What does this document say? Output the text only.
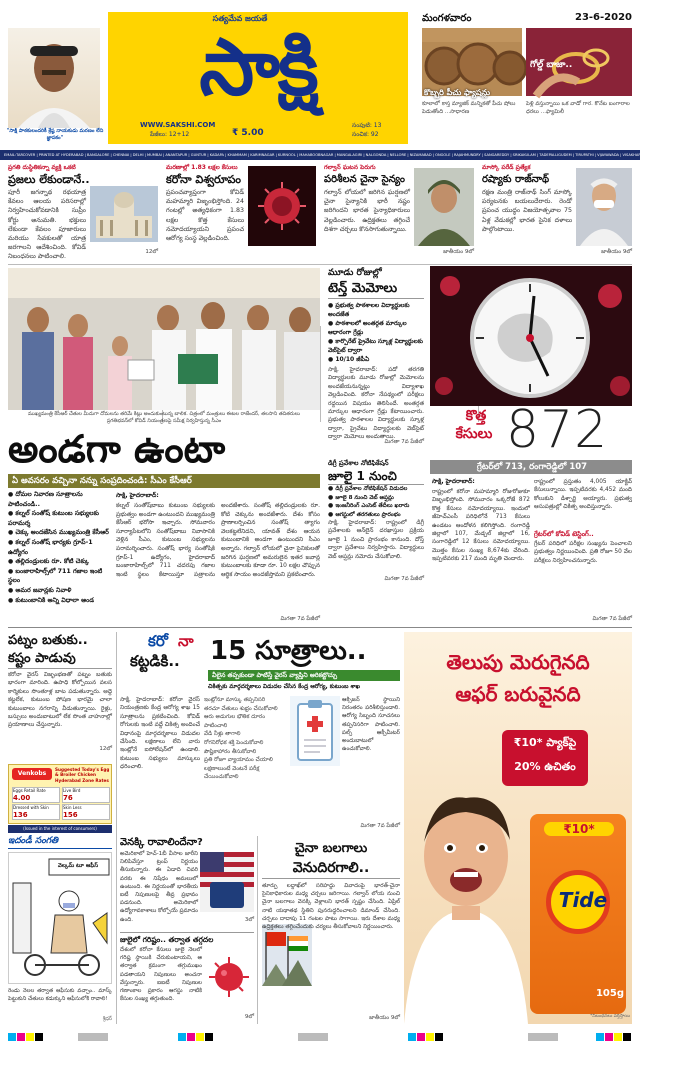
"సాక్షి పాఠకులందరికీ శ్రేష్ఠ నాయకుడు మరణం లేని జ్ఞాపకం"
సత్యమేవ జయతే
సాక్షి
WWW.SAKSHI.COM
పేజీలు: 12+12	₹ 5.00
సంపుటి: 13
సంచిక: 92
మంగళవారం	23-6-2020
కొబ్బరి పీచు ఫ్యాషన్లు
గోల్డ్ బాజా..
కూలాలో కాస్త మ్యాజిక్ మన్నికతో పీచు షోలు పెడుతోంది ...సాధారణ
పెళ్లి వస్తున్నాయి ఒక వాడో గార. కొనేట బంగారాల ధరలు ...ఫ్యామిలీ
EMAIL:TARCOVER | PRINTED AT HYDERABAD | BANGALORE | CHENNAI | DELHI | MUMBAI | ANANTAPUR | GUNTUR | KADAPA | KHAMMAM | KARIMNAGAR | KURNOOL | MAHABOOBNAGAR | MANGALAGIRI | NALGONDA | NELLORE | NIZAMABAD | ONGOLE | RAJAHMUNDRY | SANGAREDDY | SRIKAKULAM | TADEPALLIGUDEM | TIRUPATHI | VIJAYAWADA | VISAKHAPATNAM | WARANGAL
ప్రగతి దుస్థితికన్నా వ్యక్తి ఒకటి
ప్రజలు లేకుండానే..
పూరీ జగన్నాథ రథయాత్ర కేవలం ఆలయ పరిసరాల్లో నిర్వహించుకోవడానికి సుప్రీం కోర్టు అనుమతి. భక్తులు లేకుండా కేవలం పూజారులు మరియు సేవకులతో యాత్ర జరగాలని ఆదేశించింది. కోవిడ్ నిబంధనలు పాటించాలి.
12లో
మరణాల్లో 1.83 లక్షల కేసులు
కరోనా విశ్వరూపం
ప్రపంచవ్యాప్తంగా కోవిడ్ మహమ్మారి విజృంభిస్తోంది. 24 గంటల్లో అత్యధికంగా 1.83 లక్షల కొత్త కేసులు నమోదయ్యాయని ప్రపంచ ఆరోగ్య సంస్థ వెల్లడించింది.
విదేశాలు 9లో
గల్వాన్ ఘటన పెరుగు
పరిశీలన చైనా సైన్యం
గల్వాన్ లోయలో జరిగిన ఘర్షణలో చైనా సైన్యానికి భారీ నష్టం జరిగిందని భారత సైన్యాధికారులు వెల్లడించారు. ఉద్రిక్తతలు తగ్గించే దిశగా చర్చలు కొనసాగుతున్నాయి.
జాతీయం 9లో
మాస్కో పరేడ్ ప్రత్యేక
రష్యాకు రాజ్‌నాథ్
రక్షణ మంత్రి రాజ్‌నాథ్ సింగ్ మాస్కో పర్యటనకు బయలుదేరారు. రెండో ప్రపంచ యుద్ధం విజయోత్సవాల 75 ఏళ్ల వేడుకల్లో భారత సైనిక దళాలు పాల్గొంటాయి.
జాతీయం 9లో
ముఖ్యమంత్రి కేసీఆర్ చేతుల మీదుగా దోమలను తరిమే కిట్లు అందుకుంటున్న బాలిక. చిత్రంలో మంత్రులు ఈటల రాజేందర్, తలసాని తదితరులు
ప్రగతిభవన్‌లో కోవిడ్ నియంత్రణపై సమీక్ష నిర్వహిస్తున్న సీఎం
మూడు రోజుల్లో
టెన్త్ మెమోలు
● ప్రభుత్వ పాఠశాలల విద్యార్థులకు అందజేత
● పాఠశాలలో అంతర్గత మార్కుల ఆధారంగా గ్రేడ్లు
● కార్పొరేట్ ప్రైవేటు స్కూళ్ల విద్యార్థులకు వెబ్‌సైట్ ద్వారా
● 10/10 జీపీఏ
సాక్షి, హైదరాబాద్: పదో తరగతి విద్యార్థులకు మూడు రోజుల్లో మెమోలను అందజేయనున్నట్లు విద్యాశాఖ వెల్లడించింది. కరోనా నేపథ్యంలో పరీక్షలు రద్దయిన విషయం తెలిసిందే. అంతర్గత మార్కుల ఆధారంగా గ్రేడ్లు కేటాయించారు. ప్రభుత్వ పాఠశాలల విద్యార్థులకు స్కూళ్ల ద్వారా, ప్రైవేటు విద్యార్థులకు వెబ్‌సైట్ ద్వారా మెమోలు అందుతాయి.
మిగతా 7వ పేజీలో
కొత్త
కేసులు 872
గ్రేటర్‌లో 713, రంగారెడ్డిలో 107
అండగా ఉంటా
ఏ అవసరం వచ్చినా నన్ను సంప్రదించండి: సీఎం కేసీఆర్
డిగ్రీ ప్రవేశాల నోటిఫికేషన్
జూలై 1 నుంచి
● డిగ్రీ ప్రవేశాల నోటిఫికేషన్ విడుదల
● జూలై 8 నుంచి వెబ్ ఆప్షన్లు
● ఇంజనీరింగ్ ఎంసెట్ తేదీలు ఖరారు
● ఆగస్టులో తరగతులు ప్రారంభం
సాక్షి, హైదరాబాద్: రాష్ట్రంలో డిగ్రీ ప్రవేశాలకు ఆన్‌లైన్ దరఖాస్తుల ప్రక్రియ జూలై 1 నుంచి ప్రారంభం కానుంది. దోస్త్ ద్వారా ప్రవేశాలు నిర్వహిస్తారు. విద్యార్థులు వెబ్ ఆప్షన్లు నమోదు చేసుకోవాలి.
మిగతా 7వ పేజీలో
● దోమల నివారణ సూత్రాలను పాటించండి..
● కల్నల్ సంతోష్ కుటుంబ సభ్యులకు పరామర్శ
● చెక్కు అందజేసిన ముఖ్యమంత్రి కేసీఆర్
● కల్నల్ సంతోష్ భార్యకు గ్రూప్-1 ఉద్యోగం
● తల్లిదండ్రులకు రూ. కోటి చెక్కు
● బంజారాహిల్స్‌లో 711 గజాల ఇంటి స్థలం
● అమర జవాన్లకు నివాళి
● కుటుంబానికి అన్ని విధాలా అండ
సాక్షి, హైదరాబాద్:
కల్నల్ సంతోష్‌బాబు కుటుంబ సభ్యులకు ప్రభుత్వం అండగా ఉంటుందని ముఖ్యమంత్రి కేసీఆర్ భరోసా ఇచ్చారు. సోమవారం సూర్యాపేటలోని సంతోష్‌బాబు నివాసానికి వెళ్లిన సీఎం, కుటుంబ సభ్యులను పరామర్శించారు. సంతోష్ భార్య సంతోషికి గ్రూప్-1 ఉద్యోగం, హైదరాబాద్ బంజారాహిల్స్‌లో 711 చదరపు గజాల ఇంటి స్థలం కేటాయిస్తూ పత్రాలను అందజేశారు. సంతోష్ తల్లిదండ్రులకు రూ. కోటి చెక్కును అందజేశారు. దేశం కోసం ప్రాణాలర్పించిన సంతోష్ త్యాగం వెలకట్టలేనిదని, యావత్ దేశం ఆయన కుటుంబానికి అండగా ఉంటుందని సీఎం అన్నారు. గల్వాన్ లోయలో చైనా సైనికులతో జరిగిన ఘర్షణలో అమరులైన ఇతర జవాన్ల కుటుంబాలకు కూడా రూ. 10 లక్షల చొప్పున ఆర్థిక సాయం అందజేస్తామని ప్రకటించారు.
మిగతా 7వ పేజీలో
సాక్షి, హైదరాబాద్:
రాష్ట్రంలో కరోనా మహమ్మారి రోజురోజుకూ విజృంభిస్తోంది. సోమవారం ఒక్కరోజే 872 కొత్త కేసులు నమోదయ్యాయి. ఇందులో జీహెచ్‌ఎంసీ పరిధిలోనే 713 కేసులు ఉండటం ఆందోళన కలిగిస్తోంది. రంగారెడ్డి జిల్లాలో 107, మేడ్చల్ జిల్లాలో 16, సంగారెడ్డిలో 12 కేసులు నమోదయ్యాయి. మొత్తం కేసుల సంఖ్య 8,674కు చేరింది. ఇప్పటివరకు 217 మంది మృతి చెందారు.
రాష్ట్రంలో ప్రస్తుతం 4,005 యాక్టివ్ కేసులున్నాయి. ఇప్పటివరకు 4,452 మంది కోలుకుని డిశ్చార్జి అయ్యారు. ప్రభుత్వ ఆసుపత్రుల్లో చికిత్స అందిస్తున్నారు.
గ్రేటర్‌లో కోవిడ్ టెస్టింగ్..
గ్రేటర్ పరిధిలో పరీక్షల సంఖ్యను పెంచాలని ప్రభుత్వం నిర్ణయించింది. ప్రతి రోజూ 50 వేల పరీక్షలు నిర్వహించనున్నారు.
మిగతా 7వ పేజీలో
పట్నం బతుకు..
కష్టం పాడువు
కరోనా వైరస్ విజృంభణతో పట్నం బతుకు భారంగా మారింది. ఉపాధి కోల్పోయిన వలస కార్మికులు సొంతూళ్ల బాట పడుతున్నారు. అద్దె కట్టలేక, కుటుంబ పోషణ భారమై చాలా కుటుంబాలు నగరాన్ని వీడుతున్నాయి. రైళ్లు, బస్సులు అందుబాటులో లేక సొంత వాహనాల్లో ప్రయాణాలు చేస్తున్నారు.
12లో
Venkobs
Suggested Today's Egg & Broiler Chicken Hyderabad Zone Rates
Eggs Retail Rate
4.00
Live Bird
76
Dressed with Skin
136
Skin Less
156
(Issued in the interest of consumers)
ఇదండీ సంగతి
వెల్కమ్ టూ ఆఫీస్
రెండు నెలల తర్వాత ఆఫీసుకు వచ్చాం.. మాస్క్ పెట్టుకుని చేతులు కడుక్కుని ఆఫీసులోకి రావాలి!
శ్రీధర్
కరో నా
కట్టడికి.. 15 సూత్రాలు..
వీలైన తప్పకుండా పాటిస్తే వైరస్ వ్యాప్తిని అరికట్టొచ్చు
చికిత్సకు మార్గదర్శకాలు విడుదల చేసిన కేంద్ర ఆరోగ్య, కుటుంబ శాఖ
సాక్షి, హైదరాబాద్: కరోనా వైరస్ నియంత్రణకు కేంద్ర ఆరోగ్య శాఖ 15 సూత్రాలను ప్రకటించింది. కోవిడ్ రోగులకు ఇంటి వద్దే చికిత్స అందించే విధానంపై మార్గదర్శకాలు విడుదల చేసింది. లక్షణాలు లేని వారు ఇంట్లోనే ఐసోలేషన్‌లో ఉండాలి. కుటుంబ సభ్యులు మాస్కులు ధరించాలి.
ఇంట్లోనూ మాస్కు తప్పనిసరి
తరచూ చేతులు శుభ్రం చేసుకోవాలి
ఆరు అడుగుల భౌతిక దూరం పాటించాలి
వేడి నీళ్లు తాగాలి
రోగనిరోధక శక్తి పెంచుకోవాలి
పౌష్టికాహారం తీసుకోవాలి
ప్రతి రోజూ వ్యాయామం చేయాలి
లక్షణాలుంటే వెంటనే పరీక్ష చేయించుకోవాలి
ఆక్సిజన్ స్థాయిని నిరంతరం పరిశీలిస్తుండాలి. ఆరోగ్య సిబ్బంది సూచనలు తప్పనిసరిగా పాటించాలి. పల్స్ ఆక్సీమీటర్ అందుబాటులో ఉంచుకోవాలి.
మిగతా 7వ పేజీలో
తెలుపు మెరుగైనది
ఆఫర్ బరువైనది
₹10* ప్యాక్‌పై
20% ఉచితం
₹10*
Tide
105g
*నిబంధనలు వర్తిస్తాయి
వెనక్కి రావాలిందేనా?
అమెరికాలో హెచ్-1బీ వీసాల జారీని నిలిపివేస్తూ ట్రంప్ నిర్ణయం తీసుకున్నారు. ఈ ఏడాది చివరి వరకు ఈ నిషేధం అమలులో ఉంటుంది. ఈ నిర్ణయంతో భారతీయ ఐటీ నిపుణులపై తీవ్ర ప్రభావం పడనుంది. అమెరికాలో ఉద్యోగావకాశాలు కోల్పోయే ప్రమాదం ఉంది.	3లో
జులైలో గరిష్టం.. తర్వాత తగ్గదల
దేశంలో కరోనా కేసులు జులై నెలలో గరిష్ట స్థాయికి చేరుకుంటాయని, ఆ తర్వాత క్రమంగా తగ్గుముఖం పడతాయని నిపుణులు అంచనా వేస్తున్నారు. ఐఐటీ నిపుణుల గణాంకాల ప్రకారం ఆగస్టు నాటికి కేసుల సంఖ్య తగ్గుతుంది.
9లో
చైనా బలగాలు
వెనుదిరగాలి..
తూర్పు లద్దాఖ్‌లో సరిహద్దు వివాదంపై భారత్-చైనా సైనికాధికారుల మధ్య చర్చలు జరిగాయి. గల్వాన్ లోయ నుంచి చైనా బలగాలు వెనక్కి వెళ్లాలని భారత్ స్పష్టం చేసింది. ఏప్రిల్ నాటి యథాతథ స్థితిని పునరుద్ధరించాలని డిమాండ్ చేసింది. చర్చలు దాదాపు 11 గంటల పాటు సాగాయి. ఇరు దేశాల మధ్య ఉద్రిక్తతలు తగ్గించేందుకు చర్యలు తీసుకోవాలని నిర్ణయించారు.
జాతీయం 9లో
